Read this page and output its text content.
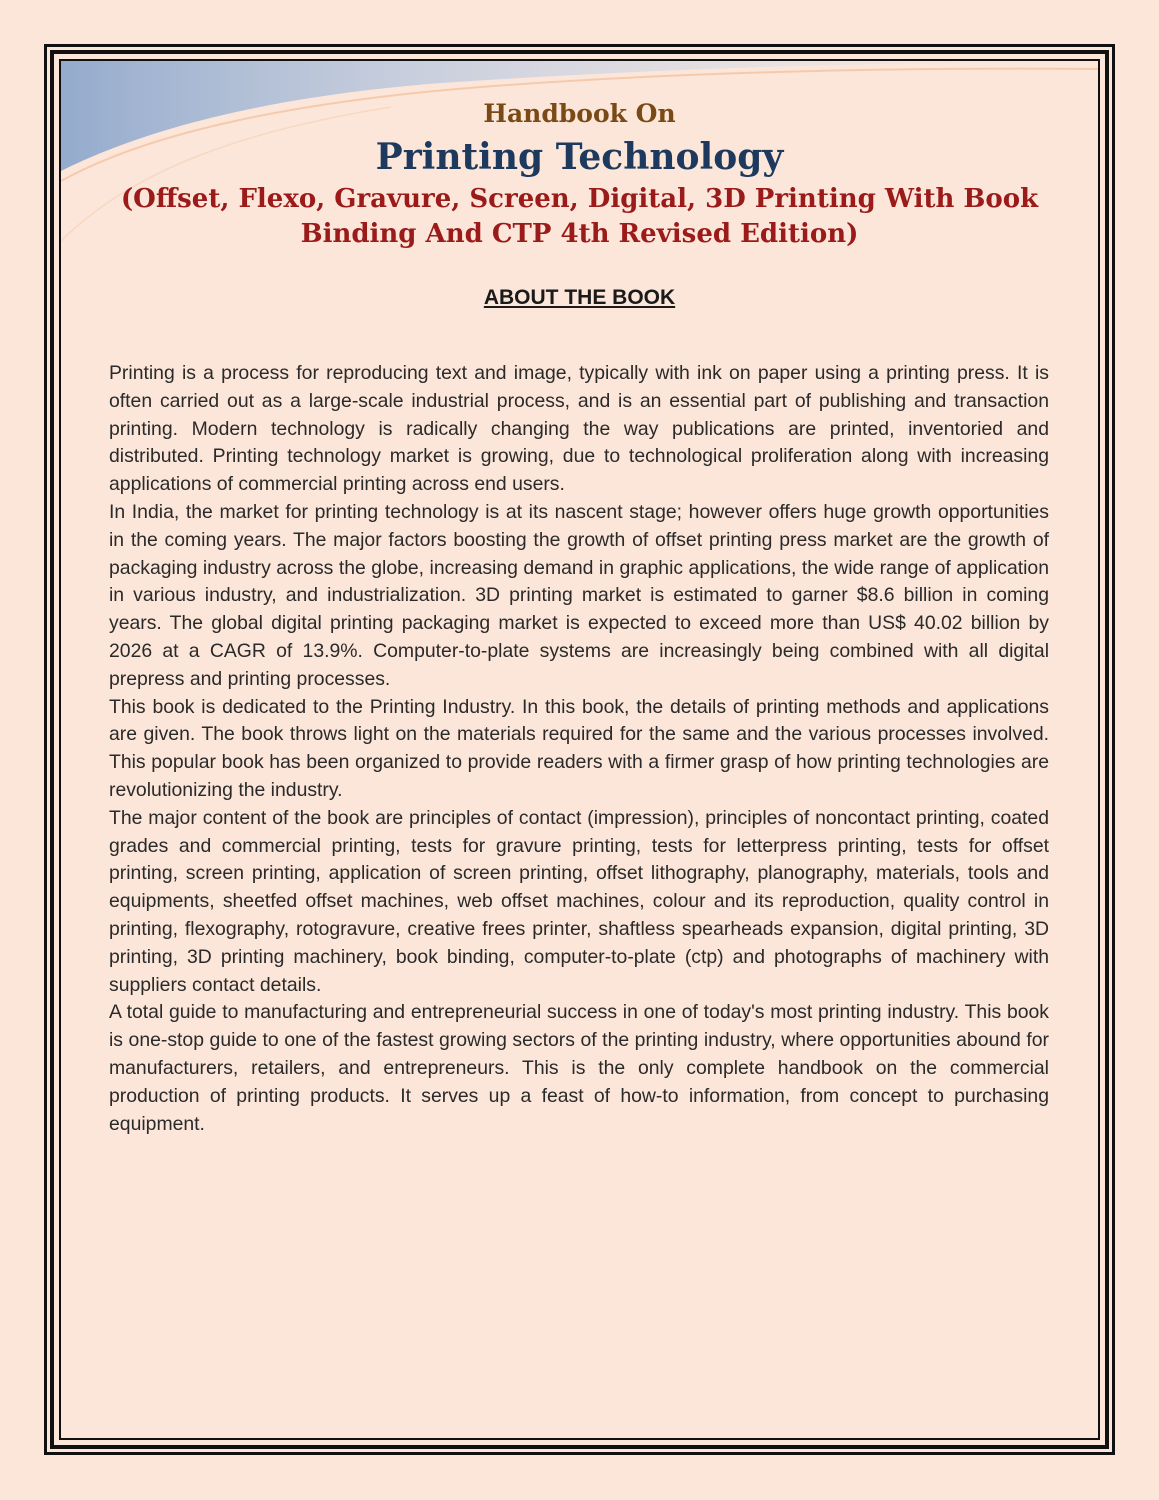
Handbook On
Printing Technology
(Offset, Flexo, Gravure, Screen, Digital, 3D Printing With Book Binding And CTP 4th Revised Edition)
ABOUT THE BOOK

Printing is a process for reproducing text and image, typically with ink on paper using a printing press. It is often carried out as a large-scale industrial process, and is an essential part of publishing and transaction printing. Modern technology is radically changing the way publications are printed, inventoried and distributed. Printing technology market is growing, due to technological proliferation along with increasing applications of commercial printing across end users.

In India, the market for printing technology is at its nascent stage; however offers huge growth opportunities in the coming years. The major factors boosting the growth of offset printing press market are the growth of packaging industry across the globe, increasing demand in graphic applications, the wide range of application in various industry, and industrialization. 3D printing market is estimated to garner $8.6 billion in coming years. The global digital printing packaging market is expected to exceed more than US$ 40.02 billion by 2026 at a CAGR of 13.9%. Computer-to-plate systems are increasingly being combined with all digital prepress and printing processes.

This book is dedicated to the Printing Industry. In this book, the details of printing methods and applications are given. The book throws light on the materials required for the same and the various processes involved. This popular book has been organized to provide readers with a firmer grasp of how printing technologies are revolutionizing the industry.

The major content of the book are principles of contact (impression), principles of noncontact printing, coated grades and commercial printing, tests for gravure printing, tests for letterpress printing, tests for offset printing, screen printing, application of screen printing, offset lithography, planography, materials, tools and equipments, sheetfed offset machines, web offset machines, colour and its reproduction, quality control in printing, flexography, rotogravure, creative frees printer, shaftless spearheads expansion, digital printing, 3D printing, 3D printing machinery, book binding, computer-to-plate (ctp) and photographs of machinery with suppliers contact details.

A total guide to manufacturing and entrepreneurial success in one of today's most printing industry. This book is one-stop guide to one of the fastest growing sectors of the printing industry, where opportunities abound for manufacturers, retailers, and entrepreneurs. This is the only complete handbook on the commercial production of printing products. It serves up a feast of how-to information, from concept to purchasing equipment.
